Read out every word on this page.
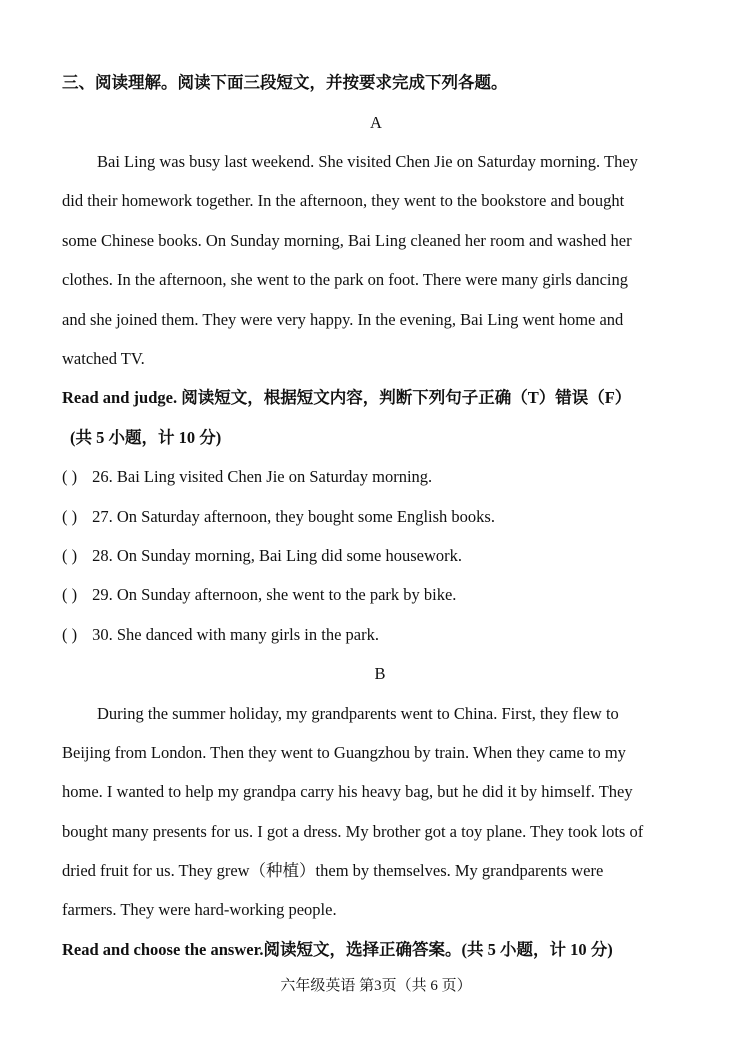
三、阅读理解。阅读下面三段短文，并按要求完成下列各题。
A
Bai Ling was busy last weekend. She visited Chen Jie on Saturday morning. They
did their homework together. In the afternoon, they went to the bookstore and bought
some Chinese books. On Sunday morning, Bai Ling cleaned her room and washed her
clothes. In the afternoon, she went to the park on foot. There were many girls dancing
and she joined them. They were very happy. In the evening, Bai Ling went home and
watched TV.
Read and judge. 阅读短文，根据短文内容，判断下列句子正确（T）错误（F）
(共 5 小题，计 10 分)
( ) 26. Bai Ling visited Chen Jie on Saturday morning.
( ) 27. On Saturday afternoon, they bought some English books.
( ) 28. On Sunday morning, Bai Ling did some housework.
( ) 29. On Sunday afternoon, she went to the park by bike.
( ) 30. She danced with many girls in the park.
B
During the summer holiday, my grandparents went to China. First, they flew to
Beijing from London. Then they went to Guangzhou by train. When they came to my
home. I wanted to help my grandpa carry his heavy bag, but he did it by himself. They
bought many presents for us. I got a dress. My brother got a toy plane. They took lots of
dried fruit for us. They grew（种植）them by themselves. My grandparents were
farmers. They were hard-working people.
Read and choose the answer.阅读短文，选择正确答案。(共 5 小题，计 10 分)
六年级英语 第3页（共 6 页）
